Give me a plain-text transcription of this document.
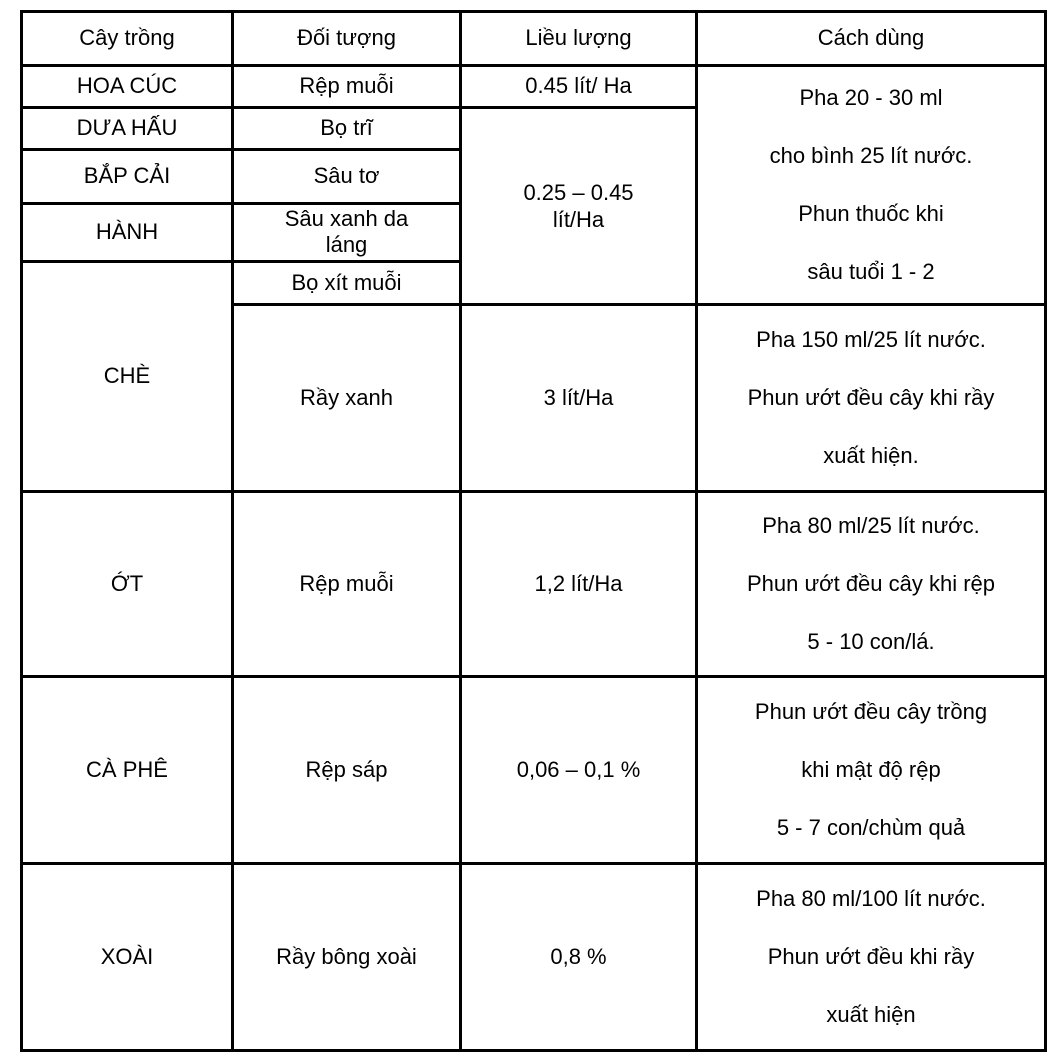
Cây trồng	Đối tượng	Liều lượng	Cách dùng
HOA CÚC	Rệp muỗi	0.45 lít/ Ha	Pha 20 - 30 ml
cho bình 25 lít nước.
Phun thuốc khi
sâu tuổi 1 - 2

DƯA HẤU	Bọ trĩ	0.25 – 0.45
lít/Ha	

BẮP CẢI	Sâu tơ		
HÀNH	Sâu xanh da láng		
CHÈ	Bọ xít muỗi		
	Rầy xanh	3 lít/Ha	Pha 150 ml/25 lít nước.
Phun ướt đều cây khi rầy
xuất hiện.

ỚT	Rệp muỗi	1,2 lít/Ha	Pha 80 ml/25 lít nước.
Phun ướt đều cây khi rệp
5 - 10 con/lá.

CÀ PHÊ	Rệp sáp	0,06 – 0,1 %	Phun ướt đều cây trồng
khi mật độ rệp
5 - 7 con/chùm quả

XOÀI	Rầy bông xoài	0,8 %	Pha 80 ml/100 lít nước.
Phun ướt đều khi rầy
xuất hiện
